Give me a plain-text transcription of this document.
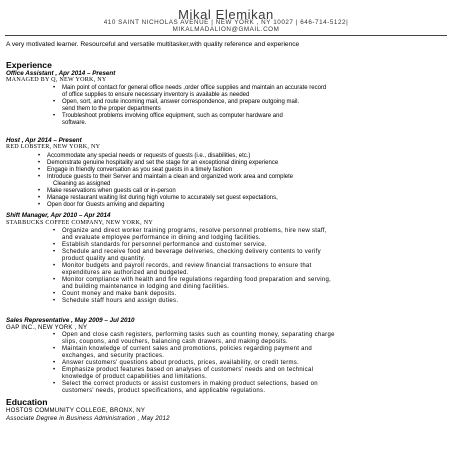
Mikal Elemikan
410 SAINT NICHOLAS AVENUE | NEW YORK , NY 10027 | 646-714-5122|
MIKALMADALION@GMAIL.COM
A very motivated learner. Resourceful and versatile multitasker,with quality reference and experience
Experience
Office Assistant , Apr 2014 – Present
MANAGED BY Q, NEW YORK, NY
• Main point of contact for general office needs ,order office supplies and maintain an accurate record
of office supplies to ensure necessary inventory is available as needed
• Open, sort, and route incoming mail, answer correspondence, and prepare outgoing mail.
send them to the proper departments
• Troubleshoot problems involving office equipment, such as computer hardware and
software.
Host , Apr 2014 – Present
RED LOBSTER, NEW YORK, NY
• Accommodate any special needs or requests of guests (i.e., disabilities, etc.)
• Demonstrate genuine hospitality and set the stage for an exceptional dining experience
• Engage in friendly conversation as you seat guests in a timely fashion
• Introduce guests to their Server and maintain a clean and organized work area and complete
Cleaning as assigned
• Make reservations when guests call or in-person
• Manage restaurant waiting list during high volume to accurately set guest expectations,
• Open door for Guests arriving and departing
Shift Manager, Apr 2010 – Apr 2014
STARBUCKS COFFEE COMPANY, NEW YORK, NY
• Organize and direct worker training programs, resolve personnel problems, hire new staff,
and evaluate employee performance in dining and lodging facilities.
• Establish standards for personnel performance and customer service.
• Schedule and receive food and beverage deliveries, checking delivery contents to verify
product quality and quantity.
• Monitor budgets and payroll records, and review financial transactions to ensure that
expenditures are authorized and budgeted.
• Monitor compliance with health and fire regulations regarding food preparation and serving,
and building maintenance in lodging and dining facilities.
• Count money and make bank deposits.
• Schedule staff hours and assign duties.
Sales Representative , May 2009 – Jul 2010
GAP INC., NEW YORK , NY
• Open and close cash registers, performing tasks such as counting money, separating charge
slips, coupons, and vouchers, balancing cash drawers, and making deposits.
• Maintain knowledge of current sales and promotions, policies regarding payment and
exchanges, and security practices.
• Answer customers' questions about products, prices, availability, or credit terms.
• Emphasize product features based on analyses of customers' needs and on technical
knowledge of product capabilities and limitations.
• Select the correct products or assist customers in making product selections, based on
customers' needs, product specifications, and applicable regulations.
Education
HOSTOS COMMUNITY COLLEGE, BRONX, NY
Associate Degree in Business Administration , May 2012
